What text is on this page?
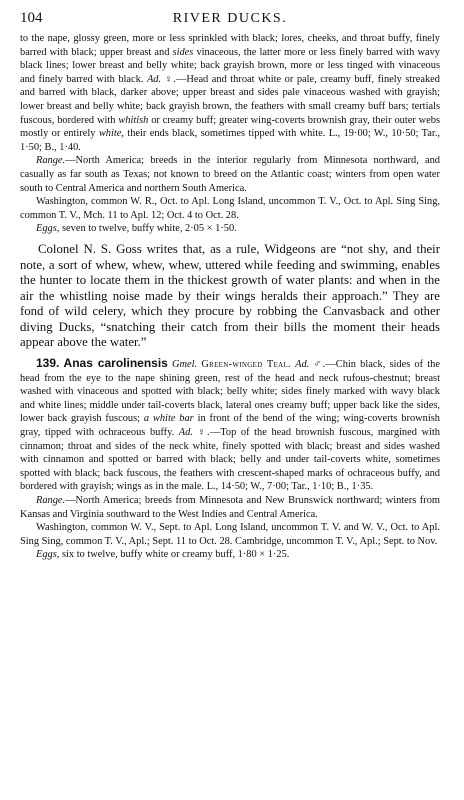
104	RIVER DUCKS.

to the nape, glossy green, more or less sprinkled with black; lores, cheeks, and throat buffy, finely barred with black; upper breast and sides vinaceous, the latter more or less finely barred with wavy black lines; lower breast and belly white; back grayish brown, more or less tinged with vinaceous and finely barred with black. Ad. ♀.—Head and throat white or pale, creamy buff, finely streaked and barred with black, darker above; upper breast and sides pale vinaceous washed with grayish; lower breast and belly white; back grayish brown, the feathers with small creamy buff bars; tertials fuscous, bordered with whitish or creamy buff; greater wing-coverts brownish gray, their outer webs mostly or entirely white, their ends black, sometimes tipped with white. L., 19·00; W., 10·50; Tar., 1·50; B., 1·40.

Range.—North America; breeds in the interior regularly from Minnesota northward, and casually as far south as Texas; not known to breed on the Atlantic coast; winters from open water south to Central America and northern South America.

Washington, common W. R., Oct. to Apl. Long Island, uncommon T. V., Oct. to Apl. Sing Sing, common T. V., Mch. 11 to Apl. 12; Oct. 4 to Oct. 28.

Eggs, seven to twelve, buffy white, 2·05 × 1·50.

Colonel N. S. Goss writes that, as a rule, Widgeons are “not shy, and their note, a sort of whew, whew, whew, uttered while feeding and swimming, enables the hunter to locate them in the thickest growth of water plants: and when in the air the whistling noise made by their wings heralds their approach.” They are fond of wild celery, which they procure by robbing the Canvasback and other diving Ducks, “snatching their catch from their bills the moment their heads appear above the water.”

139. Anas carolinensis Gmel. Green-winged Teal. Ad. ♂.—Chin black, sides of the head from the eye to the nape shining green, rest of the head and neck rufous-chestnut; breast washed with vinaceous and spotted with black; belly white; sides finely marked with wavy black and white lines; middle under tail-coverts black, lateral ones creamy buff; upper back like the sides, lower back grayish fuscous; a white bar in front of the bend of the wing; wing-coverts brownish gray, tipped with ochraceous buffy. Ad. ♀.—Top of the head brownish fuscous, margined with cinnamon; throat and sides of the neck white, finely spotted with black; breast and sides washed with cinnamon and spotted or barred with black; belly and under tail-coverts white, sometimes spotted with black; back fuscous, the feathers with crescent-shaped marks of ochraceous buffy, and bordered with grayish; wings as in the male. L., 14·50; W., 7·00; Tar., 1·10; B., 1·35.

Range.—North America; breeds from Minnesota and New Brunswick northward; winters from Kansas and Virginia southward to the West Indies and Central America.

Washington, common W. V., Sept. to Apl. Long Island, uncommon T. V. and W. V., Oct. to Apl. Sing Sing, common T. V., Apl.; Sept. 11 to Oct. 28. Cambridge, uncommon T. V., Apl.; Sept. to Nov.

Eggs, six to twelve, buffy white or creamy buff, 1·80 × 1·25.
